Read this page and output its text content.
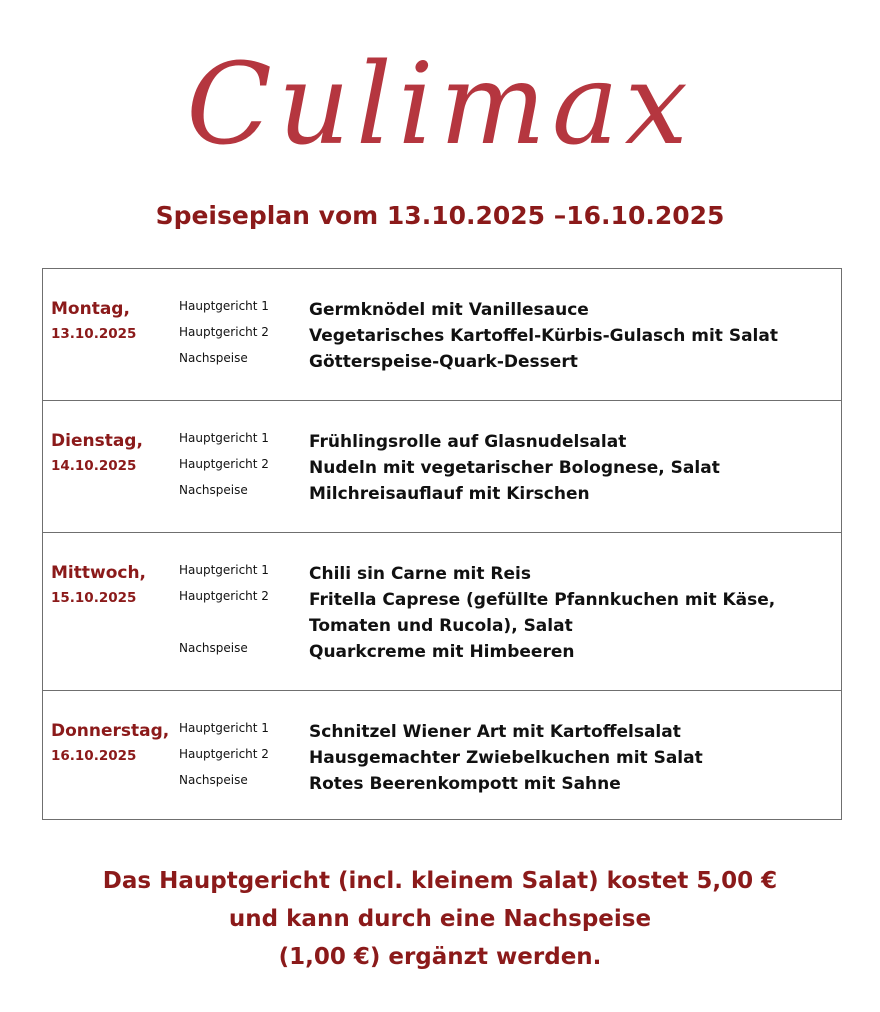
Culimax
Speiseplan vom 13.10.2025 –16.10.2025
Montag,
13.10.2025
Hauptgericht 1
Hauptgericht 2
Nachspeise
Germknödel mit Vanillesauce
Vegetarisches Kartoffel-Kürbis-Gulasch mit Salat
Götterspeise-Quark-Dessert
Dienstag,
14.10.2025
Hauptgericht 1
Hauptgericht 2
Nachspeise
Frühlingsrolle auf Glasnudelsalat
Nudeln mit vegetarischer Bolognese, Salat
Milchreisauflauf mit Kirschen
Mittwoch,
15.10.2025
Hauptgericht 1
Hauptgericht 2
Nachspeise
Chili sin Carne mit Reis
Fritella Caprese (gefüllte Pfannkuchen mit Käse, Tomaten und Rucola), Salat
Quarkcreme mit Himbeeren
Donnerstag,
16.10.2025
Hauptgericht 1
Hauptgericht 2
Nachspeise
Schnitzel Wiener Art mit Kartoffelsalat
Hausgemachter Zwiebelkuchen mit Salat
Rotes Beerenkompott mit Sahne
Das Hauptgericht (incl. kleinem Salat) kostet 5,00 €
und kann durch eine Nachspeise
(1,00 €) ergänzt werden.
